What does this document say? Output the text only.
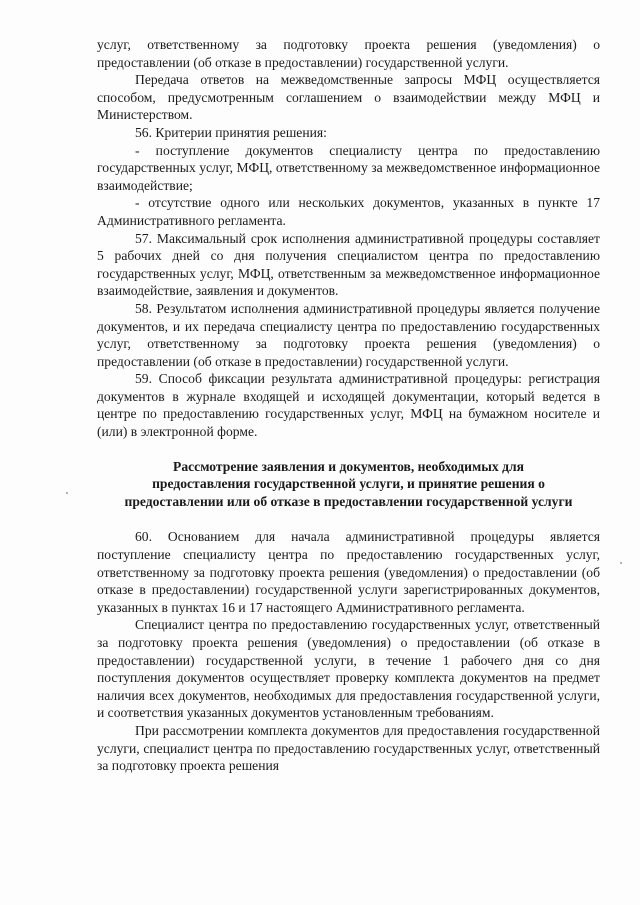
услуг, ответственному за подготовку проекта решения (уведомления) о предоставлении (об отказе в предоставлении) государственной услуги.

Передача ответов на межведомственные запросы МФЦ осуществляется способом, предусмотренным соглашением о взаимодействии между МФЦ и Министерством.

56. Критерии принятия решения:

- поступление документов специалисту центра по предоставлению государственных услуг, МФЦ, ответственному за межведомственное информационное взаимодействие;

- отсутствие одного или нескольких документов, указанных в пункте 17 Административного регламента.

57. Максимальный срок исполнения административной процедуры составляет 5 рабочих дней со дня получения специалистом центра по предоставлению государственных услуг, МФЦ, ответственным за межведомственное информационное взаимодействие, заявления и документов.

58. Результатом исполнения административной процедуры является получение документов, и их передача специалисту центра по предоставлению государственных услуг, ответственному за подготовку проекта решения (уведомления) о предоставлении (об отказе в предоставлении) государственной услуги.

59. Способ фиксации результата административной процедуры: регистрация документов в журнале входящей и исходящей документации, который ведется в центре по предоставлению государственных услуг, МФЦ на бумажном носителе и (или) в электронной форме.

Рассмотрение заявления и документов, необходимых для

предоставления государственной услуги, и принятие решения о

предоставлении или об отказе в предоставлении государственной услуги

60. Основанием для начала административной процедуры является поступление специалисту центра по предоставлению государственных услуг, ответственному за подготовку проекта решения (уведомления) о предоставлении (об отказе в предоставлении) государственной услуги зарегистрированных документов, указанных в пунктах 16 и 17 настоящего Административного регламента.

Специалист центра по предоставлению государственных услуг, ответственный за подготовку проекта решения (уведомления) о предоставлении (об отказе в предоставлении) государственной услуги, в течение 1 рабочего дня со дня поступления документов осуществляет проверку комплекта документов на предмет наличия всех документов, необходимых для предоставления государственной услуги, и соответствия указанных документов установленным требованиям.

При рассмотрении комплекта документов для предоставления государственной услуги, специалист центра по предоставлению государственных услуг, ответственный за подготовку проекта решения
